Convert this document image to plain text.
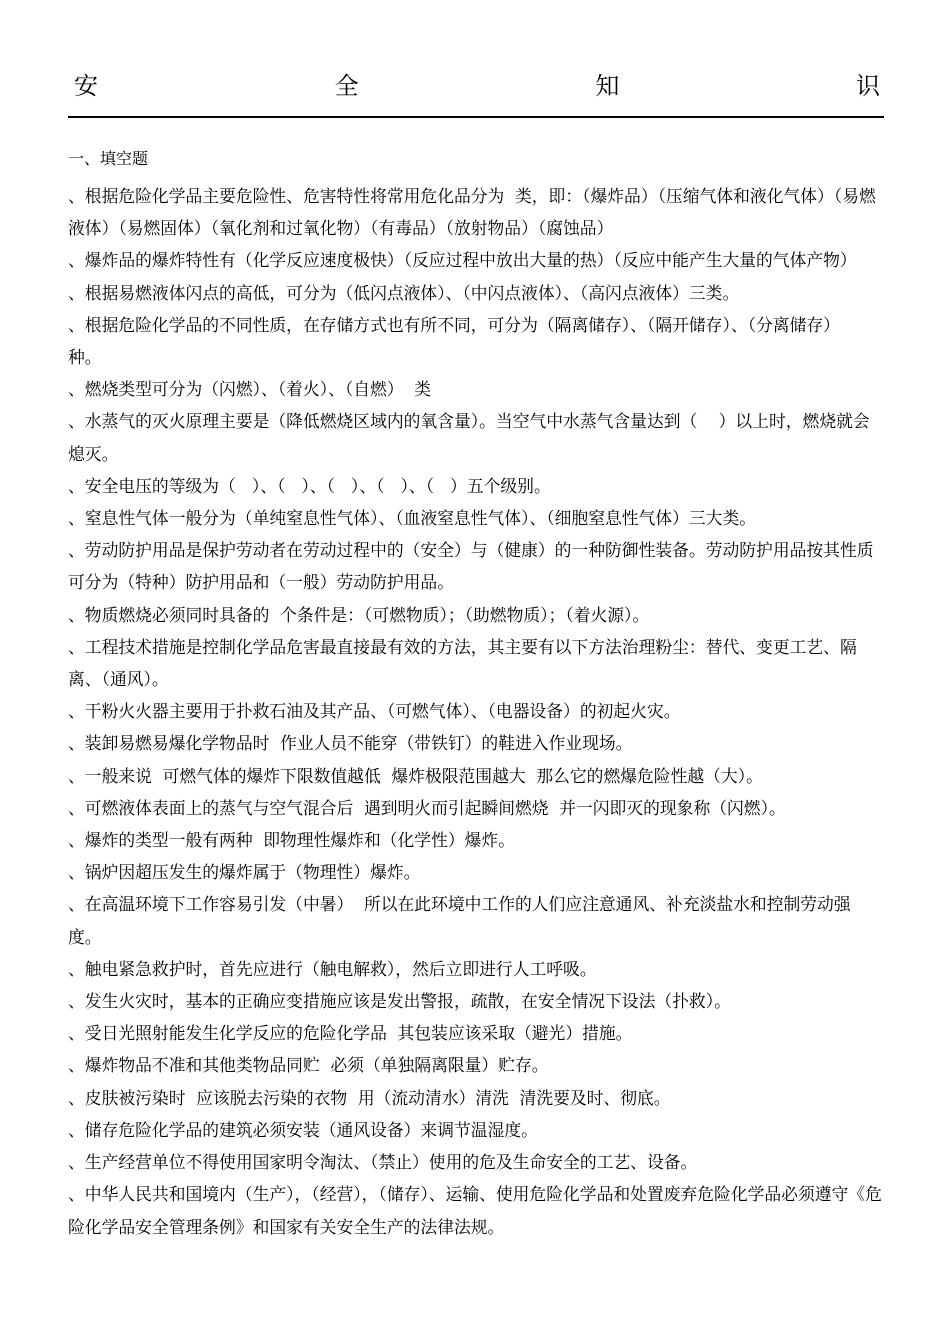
安	全	知	识
一、填空题

、根据危险化学品主要危险性、危害特性将常用危化品分为  类，即：（爆炸品）（压缩气体和液化气体）（易燃液体）（易燃固体）（氧化剂和过氧化物）（有毒品）（放射物品）（腐蚀品）

、爆炸品的爆炸特性有（化学反应速度极快）（反应过程中放出大量的热）（反应中能产生大量的气体产物）

、根据易燃液体闪点的高低，可分为（低闪点液体）、（中闪点液体）、（高闪点液体）三类。

、根据危险化学品的不同性质，在存储方式也有所不同，可分为（隔离储存）、（隔开储存）、（分离储存）  种。

、燃烧类型可分为（闪燃）、（着火）、（自燃）  类

、水蒸气的灭火原理主要是（降低燃烧区域内的氧含量）。当空气中水蒸气含量达到（    ）以上时，燃烧就会熄灭。

、安全电压的等级为（   ）、（   ）、（   ）、（   ）、（   ）五个级别。

、窒息性气体一般分为（单纯窒息性气体）、（血液窒息性气体）、（细胞窒息性气体）三大类。

、劳动防护用品是保护劳动者在劳动过程中的（安全）与（健康）的一种防御性装备。劳动防护用品按其性质可分为（特种）防护用品和（一般）劳动防护用品。

、物质燃烧必须同时具备的  个条件是：（可燃物质）；（助燃物质）；（着火源）。

、工程技术措施是控制化学品危害最直接最有效的方法，其主要有以下方法治理粉尘：替代、变更工艺、隔离、（通风）。

、干粉火火器主要用于扑救石油及其产品、（可燃气体）、（电器设备）的初起火灾。

、装卸易燃易爆化学物品时  作业人员不能穿（带铁钉）的鞋进入作业现场。

、一般来说  可燃气体的爆炸下限数值越低  爆炸极限范围越大  那么它的燃爆危险性越（大）。

、可燃液体表面上的蒸气与空气混合后  遇到明火而引起瞬间燃烧  并一闪即灭的现象称（闪燃）。

、爆炸的类型一般有两种  即物理性爆炸和（化学性）爆炸。

、锅炉因超压发生的爆炸属于（物理性）爆炸。

、在高温环境下工作容易引发（中暑）  所以在此环境中工作的人们应注意通风、补充淡盐水和控制劳动强度。

、触电紧急救护时，首先应进行（触电解救），然后立即进行人工呼吸。

、发生火灾时，基本的正确应变措施应该是发出警报，疏散，在安全情况下设法（扑救）。

、受日光照射能发生化学反应的危险化学品  其包装应该采取（避光）措施。

、爆炸物品不准和其他类物品同贮  必须（单独隔离限量）贮存。

、皮肤被污染时  应该脱去污染的衣物  用（流动清水）清洗  清洗要及时、彻底。

、储存危险化学品的建筑必须安装（通风设备）来调节温湿度。

、生产经营单位不得使用国家明令淘汰、（禁止）使用的危及生命安全的工艺、设备。

、中华人民共和国境内（生产），（经营），（储存）、运输、使用危险化学品和处置废弃危险化学品必须遵守《危险化学品安全管理条例》和国家有关安全生产的法律法规。
